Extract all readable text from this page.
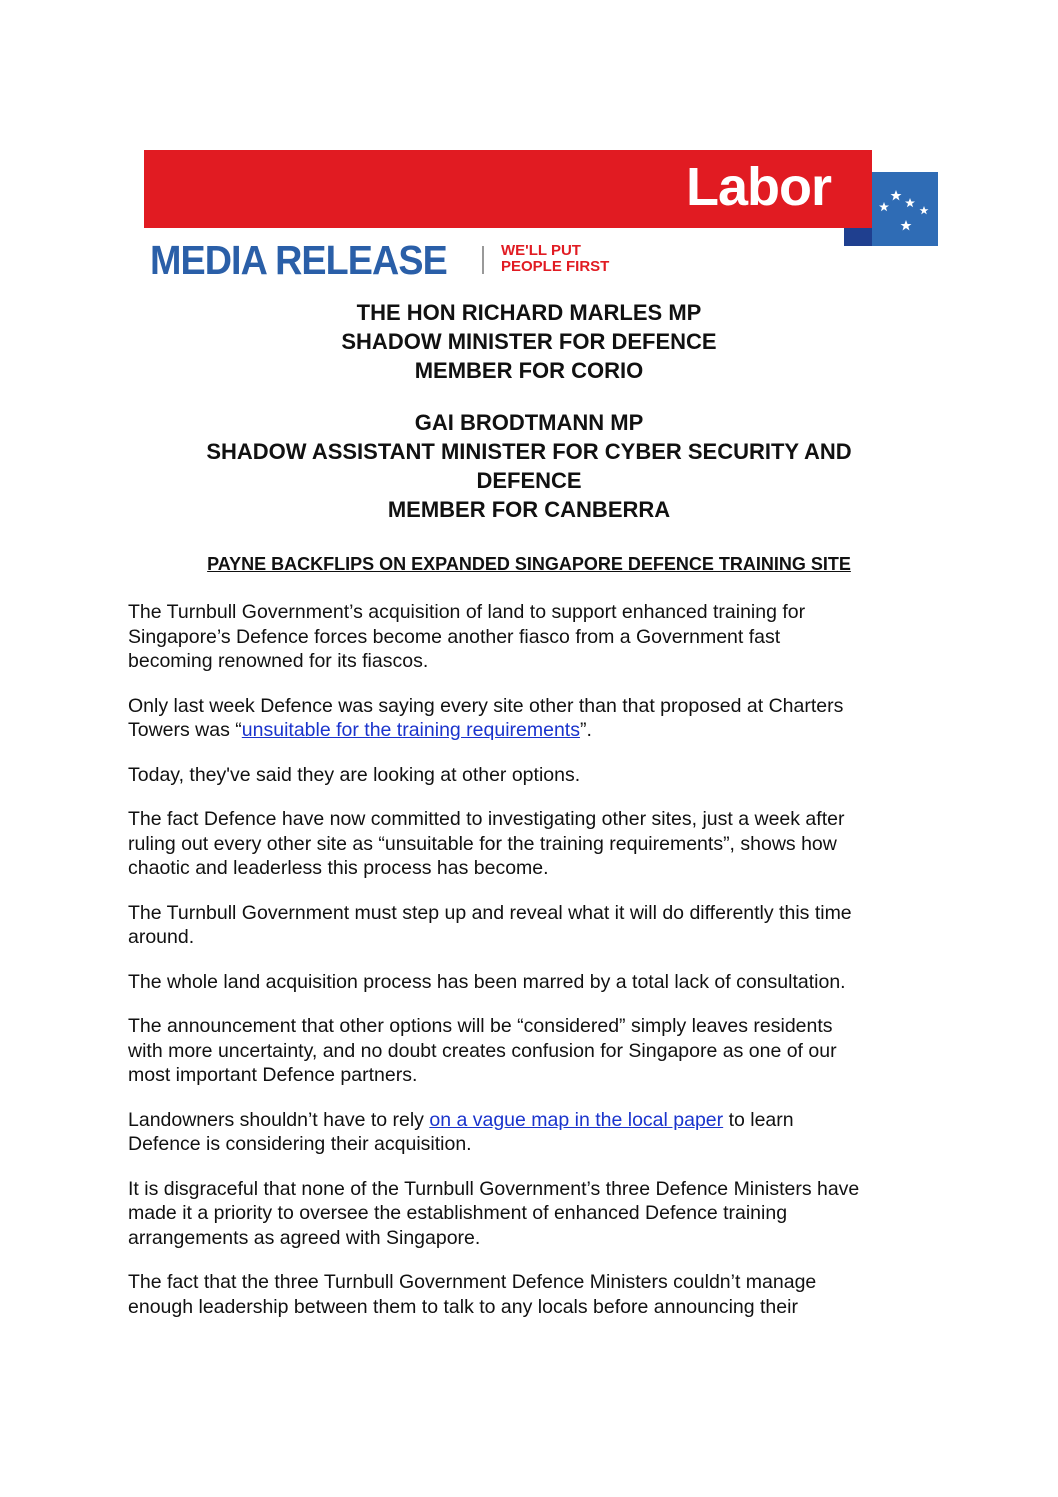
Labor
MEDIA RELEASE	WE'LL PUT
PEOPLE FIRST
THE HON RICHARD MARLES MP
SHADOW MINISTER FOR DEFENCE
MEMBER FOR CORIO
GAI BRODTMANN MP
SHADOW ASSISTANT MINISTER FOR CYBER SECURITY AND
DEFENCE
MEMBER FOR CANBERRA
PAYNE BACKFLIPS ON EXPANDED SINGAPORE DEFENCE TRAINING SITE

The Turnbull Government’s acquisition of land to support enhanced training for
Singapore’s Defence forces become another fiasco from a Government fast
becoming renowned for its fiascos.

Only last week Defence was saying every site other than that proposed at Charters
Towers was “unsuitable for the training requirements”.

Today, they've said they are looking at other options.

The fact Defence have now committed to investigating other sites, just a week after
ruling out every other site as “unsuitable for the training requirements”, shows how
chaotic and leaderless this process has become.

The Turnbull Government must step up and reveal what it will do differently this time
around.

The whole land acquisition process has been marred by a total lack of consultation.

The announcement that other options will be “considered” simply leaves residents
with more uncertainty, and no doubt creates confusion for Singapore as one of our
most important Defence partners.

Landowners shouldn’t have to rely on a vague map in the local paper to learn
Defence is considering their acquisition.

It is disgraceful that none of the Turnbull Government’s three Defence Ministers have
made it a priority to oversee the establishment of enhanced Defence training
arrangements as agreed with Singapore.

The fact that the three Turnbull Government Defence Ministers couldn’t manage
enough leadership between them to talk to any locals before announcing their
